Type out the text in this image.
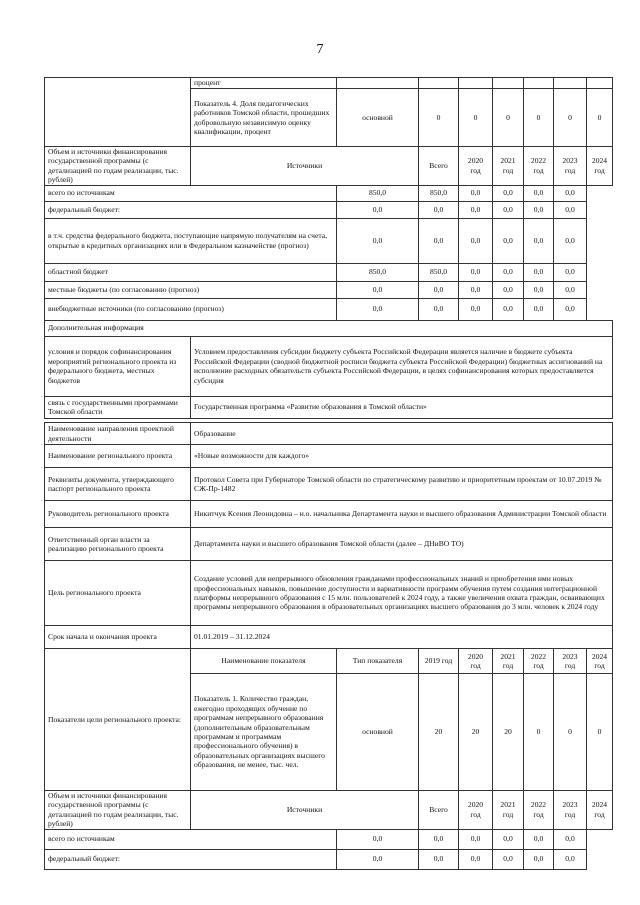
7
	процент							
	Показатель 4. Доля педагогических работников Томской области, прошедших добровольную независимую оценку квалификации, процент	основной	0	0	0	0	0	0
Объем и источники финансирования государственной программы (с детализацией по годам реализации, тыс. рублей)	Источники		Всего	2020 год	2021 год	2022 год	2023 год	2024 год
всего по источникам		850,0	850,0	0,0	0,0	0,0	0,0	
федеральный бюджет:		0,0	0,0	0,0	0,0	0,0	0,0	
в т.ч. средства федерального бюджета, поступающие напрямую получателям на счета, открытые в кредитных организациях или в Федеральном казначействе (прогноз)		0,0	0,0	0,0	0,0	0,0	0,0	
областной бюджет		850,0	850,0	0,0	0,0	0,0	0,0	
местные бюджеты (по согласованию (прогноз)		0,0	0,0	0,0	0,0	0,0	0,0	
внебюджетные источники (по согласованию (прогноз)		0,0	0,0	0,0	0,0	0,0	0,0	
Дополнительная информация								
условия и порядок софинансирования мероприятий регионального проекта из федерального бюджета, местных бюджетов	Условием предоставления субсидии бюджету субъекта Российской Федерации является наличие в бюджете субъекта Российской Федерации (сводной бюджетной росписи бюджета субъекта Российской Федерации) бюджетных ассигнований на исполнение расходных обязательств субъекта Российской Федерации, в целях софинансирования которых предоставляется субсидия							
связь с государственными программами Томской области	Государственная программа «Развитие образования в Томской области»							
Наименование направления проектной деятельности	Образование							
Наименование регионального проекта	«Новые возможности для каждого»							
Реквизиты документа, утверждающего паспорт регионального проекта	Протокол Совета при Губернаторе Томской области по стратегическому развитию и приоритетным проектам от 10.07.2019 № СЖ-Пр-1482							
Руководитель регионального проекта	Никитчук Ксения Леонидовна – и.о. начальника Департамента науки и высшего образования Администрации Томской области							
Ответственный орган власти за реализацию регионального проекта	Департамента науки и высшего образования Томской области (далее – ДНиВО ТО)							
Цель регионального проекта	Создание условий для непрерывного обновления гражданами профессиональных знаний и приобретения ими новых профессиональных навыков, повышение доступности и вариативности программ обучения путем создания интеграционной платформы непрерывного образования с 15 млн. пользователей к 2024 году, а также увеличения охвата граждан, осваивающих программы непрерывного образования в образовательных организациях высшего образования до 3 млн. человек к 2024 году							
Срок начала и окончания проекта	01.01.2019 – 31.12.2024							
Показатели цели регионального проекта:	Наименование показателя	Тип показателя	2019 год	2020 год	2021 год	2022 год	2023 год	2024 год
	Показатель 1. Количество граждан, ежегодно проходящих обучение по программам непрерывного образования (дополнительным образовательным программам и программам профессионального обучения) в образовательных организациях высшего образования, не менее, тыс. чел.	основной	20	20	20	0	0	0
Объем и источники финансирования государственной программы (с детализацией по годам реализации, тыс. рублей)	Источники		Всего	2020 год	2021 год	2022 год	2023 год	2024 год
всего по источникам		0,0	0,0	0,0	0,0	0,0	0,0	
федеральный бюджет:		0,0	0,0	0,0	0,0	0,0	0,0	
